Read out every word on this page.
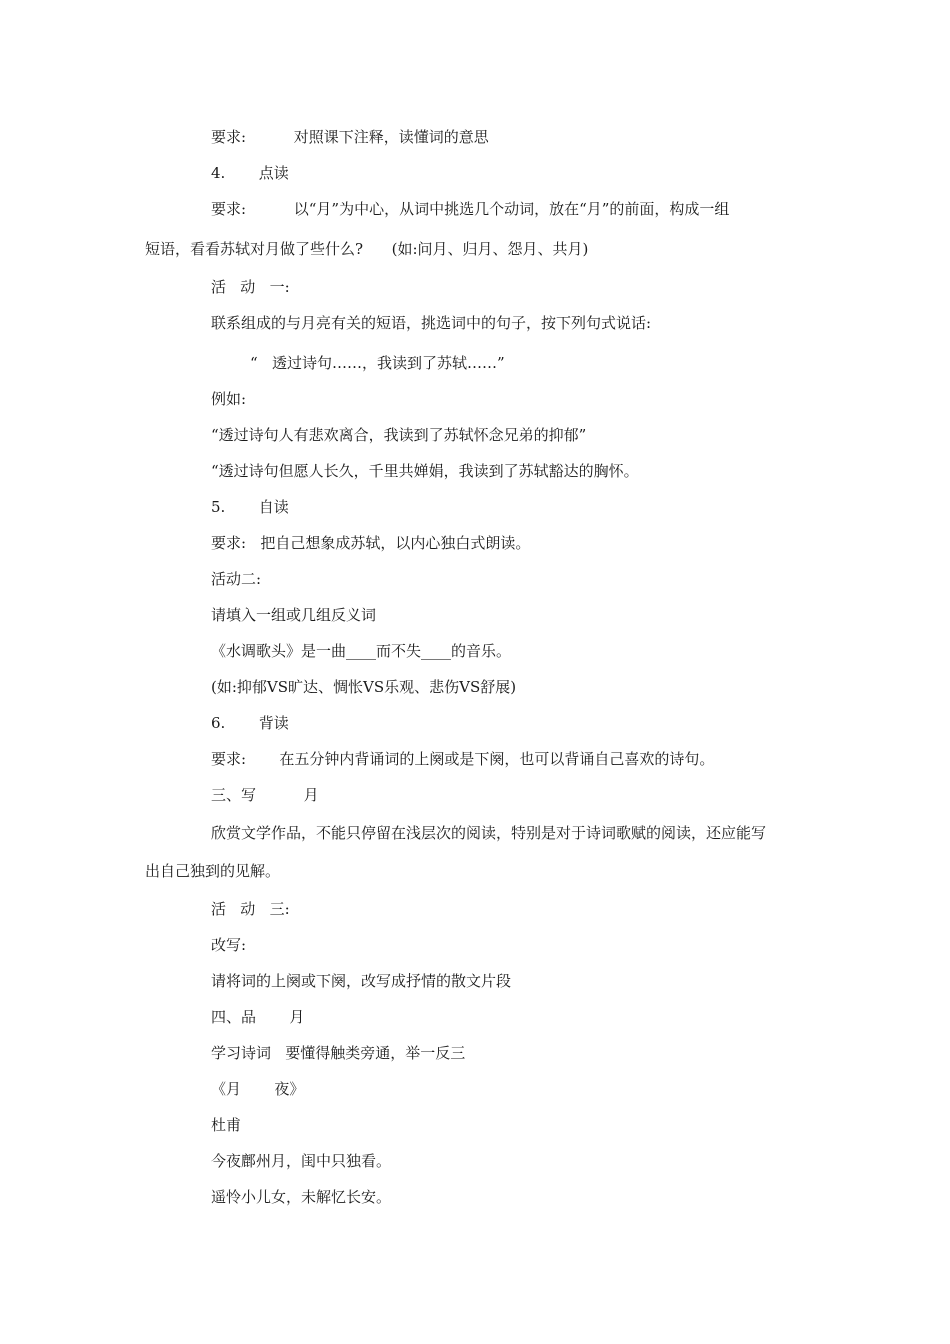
要求:          对照课下注释，读懂词的意思
4.       点读
要求:          以“月”为中心，从词中挑选几个动词，放在“月”的前面，构成一组
短语，看看苏轼对月做了些什么?      (如:问月、归月、怨月、共月)
活   动   一:
联系组成的与月亮有关的短语，挑选词中的句子，按下列句式说话:
“   透过诗句……，我读到了苏轼……”
例如:
“透过诗句人有悲欢离合，我读到了苏轼怀念兄弟的抑郁”
“透过诗句但愿人长久，千里共婵娟，我读到了苏轼豁达的胸怀。
5.       自读
要求:   把自己想象成苏轼，以内心独白式朗读。
活动二:
请填入一组或几组反义词
《水调歌头》是一曲____而不失____的音乐。
(如:抑郁VS旷达、惆怅VS乐观、悲伤VS舒展)
6.       背读
要求:       在五分钟内背诵词的上阕或是下阕，也可以背诵自己喜欢的诗句。
三、写          月
欣赏文学作品，不能只停留在浅层次的阅读，特别是对于诗词歌赋的阅读，还应能写
出自己独到的见解。
活   动   三:
改写:
请将词的上阕或下阕，改写成抒情的散文片段
四、品       月
学习诗词   要懂得触类旁通，举一反三
《月       夜》
杜甫
今夜鄜州月，闺中只独看。
遥怜小儿女，未解忆长安。
